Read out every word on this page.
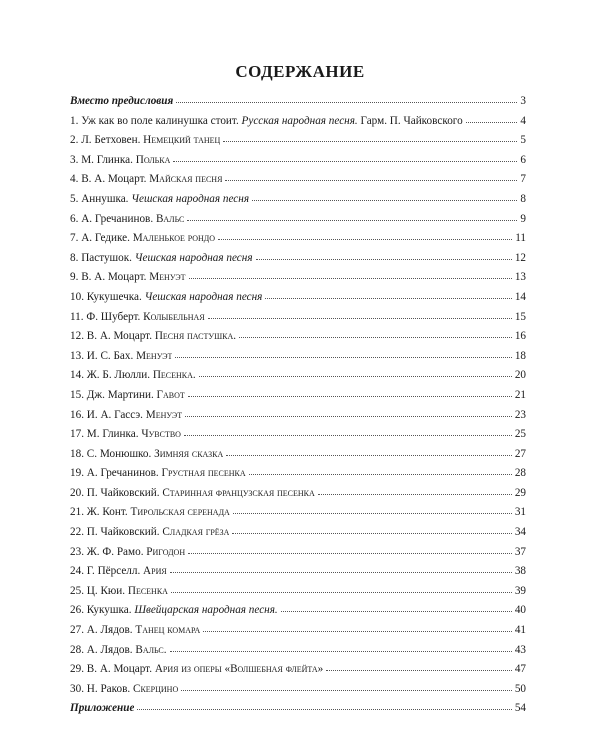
СОДЕРЖАНИЕ
Вместо предисловия	3
1. Уж как во поле калинушка стоит. Русская народная песня. Гарм. П. Чайковского	4
2. Л. Бетховен. Немецкий танец	5
3. М. Глинка. Полька	6
4. В. А. Моцарт. Майская песня	7
5. Аннушка. Чешская народная песня	8
6. А. Гречанинов. Вальс	9
7. А. Гедике. Маленькое рондо	11
8. Пастушок. Чешская народная песня	12
9. В. А. Моцарт. Менуэт	13
10. Кукушечка. Чешская народная песня	14
11. Ф. Шуберт. Колыбельная	15
12. В. А. Моцарт. Песня пастушка.	16
13. И. С. Бах. Менуэт	18
14. Ж. Б. Люлли. Песенка.	20
15. Дж. Мартини. Гавот	21
16. И. А. Гассэ. Менуэт	23
17. М. Глинка. Чувство	25
18. С. Монюшко. Зимняя сказка	27
19. А. Гречанинов. Грустная песенка	28
20. П. Чайковский. Старинная французская песенка	29
21. Ж. Конт. Тирольская серенада	31
22. П. Чайковский. Сладкая грёза	34
23. Ж. Ф. Рамо. Ригодон	37
24. Г. Пёрселл. Ария	38
25. Ц. Кюи. Песенка	39
26. Кукушка. Швейцарская народная песня.	40
27. А. Лядов. Танец комара	41
28. А. Лядов. Вальс.	43
29. В. А. Моцарт. Ария из оперы «Волшебная флейта»	47
30. Н. Раков. Скерцино	50
Приложение	54
